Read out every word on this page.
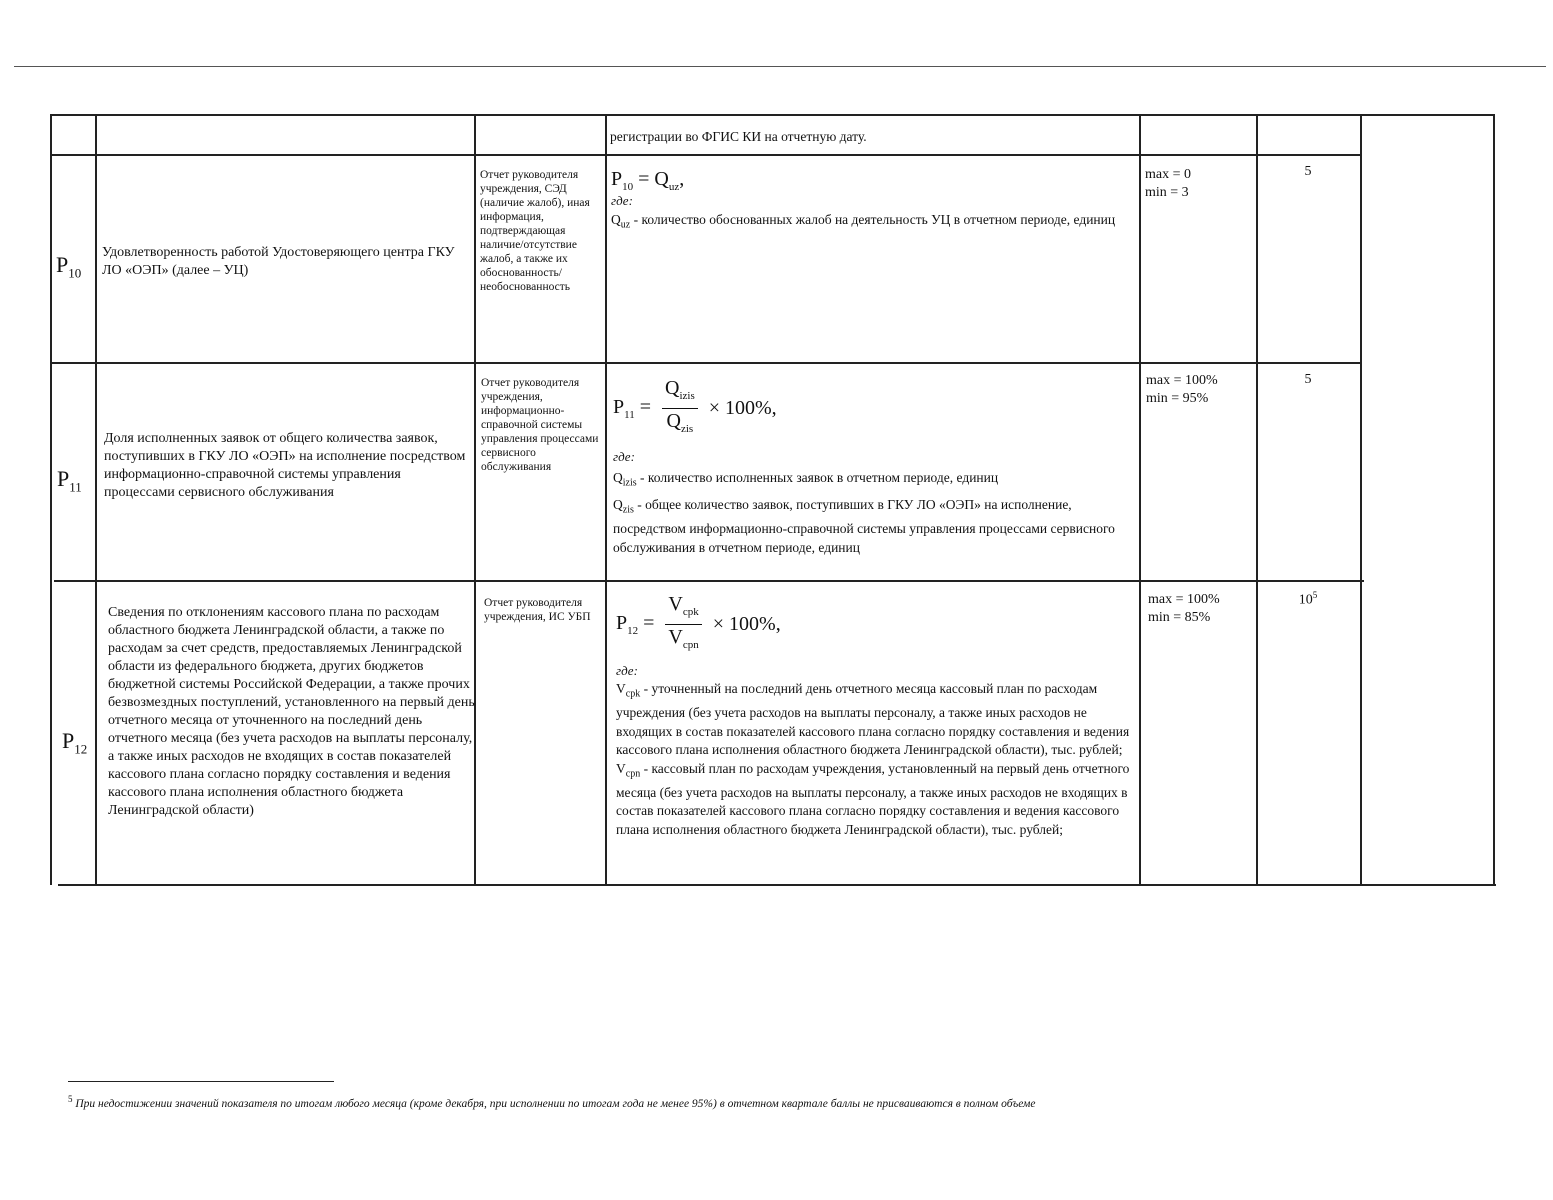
регистрации во ФГИС КИ на отчетную дату.
$P_{10}$
Удовлетворенность работой Удостоверяющего центра ГКУ ЛО «ОЭП» (далее – УЦ)
Отчет руководителя учреждения, СЭД (наличие жалоб), иная информация, подтверждающая наличие/отсутствие жалоб, а также их обоснованность/ необоснованность
$P_{10} = Q_{uz}$,
где:
$Q_{uz}$ - количество обоснованных жалоб на деятельность УЦ в отчетном периоде, единиц
max = 0
min = 3
5
$P_{11}$
Доля исполненных заявок от общего количества заявок, поступивших в ГКУ ЛО «ОЭП» на исполнение посредством информационно-справочной системы управления процессами сервисного обслуживания
Отчет руководителя учреждения, информационно-справочной системы управления процессами сервисного обслуживания
$P_{11} = \frac{Q_{izis}}{Q_{zis}} \times 100\%$,
где:
$Q_{izis}$ - количество исполненных заявок в отчетном периоде, единиц
$Q_{zis}$ - общее количество заявок, поступивших в ГКУ ЛО «ОЭП» на исполнение, посредством информационно-справочной системы управления процессами сервисного обслуживания в отчетном периоде, единиц
max = 100%
min = 95%
5
$P_{12}$
Сведения по отклонениям кассового плана по расходам областного бюджета Ленинградской области, а также по расходам за счет средств, предоставляемых Ленинградской области из федерального бюджета, других бюджетов бюджетной системы Российской Федерации, а также прочих безвозмездных поступлений, установленного на первый день отчетного месяца от уточненного на последний день отчетного месяца (без учета расходов на выплаты персоналу, а также иных расходов не входящих в состав показателей кассового плана согласно порядку составления и ведения кассового плана исполнения областного бюджета Ленинградской области)
Отчет руководителя учреждения, ИС УБП	$P_{12} = \frac{V_{cpk}}{V_{cpn}} \times 100\%$,
где:
$V_{cpk}$ - уточненный на последний день отчетного месяца кассовый план по расходам учреждения (без учета расходов на выплаты персоналу, а также иных расходов не входящих в состав показателей кассового плана согласно порядку составления и ведения кассового плана исполнения областного бюджета Ленинградской области), тыс. рублей;
$V_{cpn}$ - кассовый план по расходам учреждения, установленный на первый день отчетного месяца (без учета расходов на выплаты персоналу, а также иных расходов не входящих в состав показателей кассового плана согласно порядку составления и ведения кассового плана исполнения областного бюджета Ленинградской области), тыс. рублей;
max = 100%
min = 85%
$10^5$
$^5$ При недостижении значений показателя по итогам любого месяца (кроме декабря, при исполнении по итогам года не менее 95%) в отчетном квартале баллы не присваиваются в полном объеме
